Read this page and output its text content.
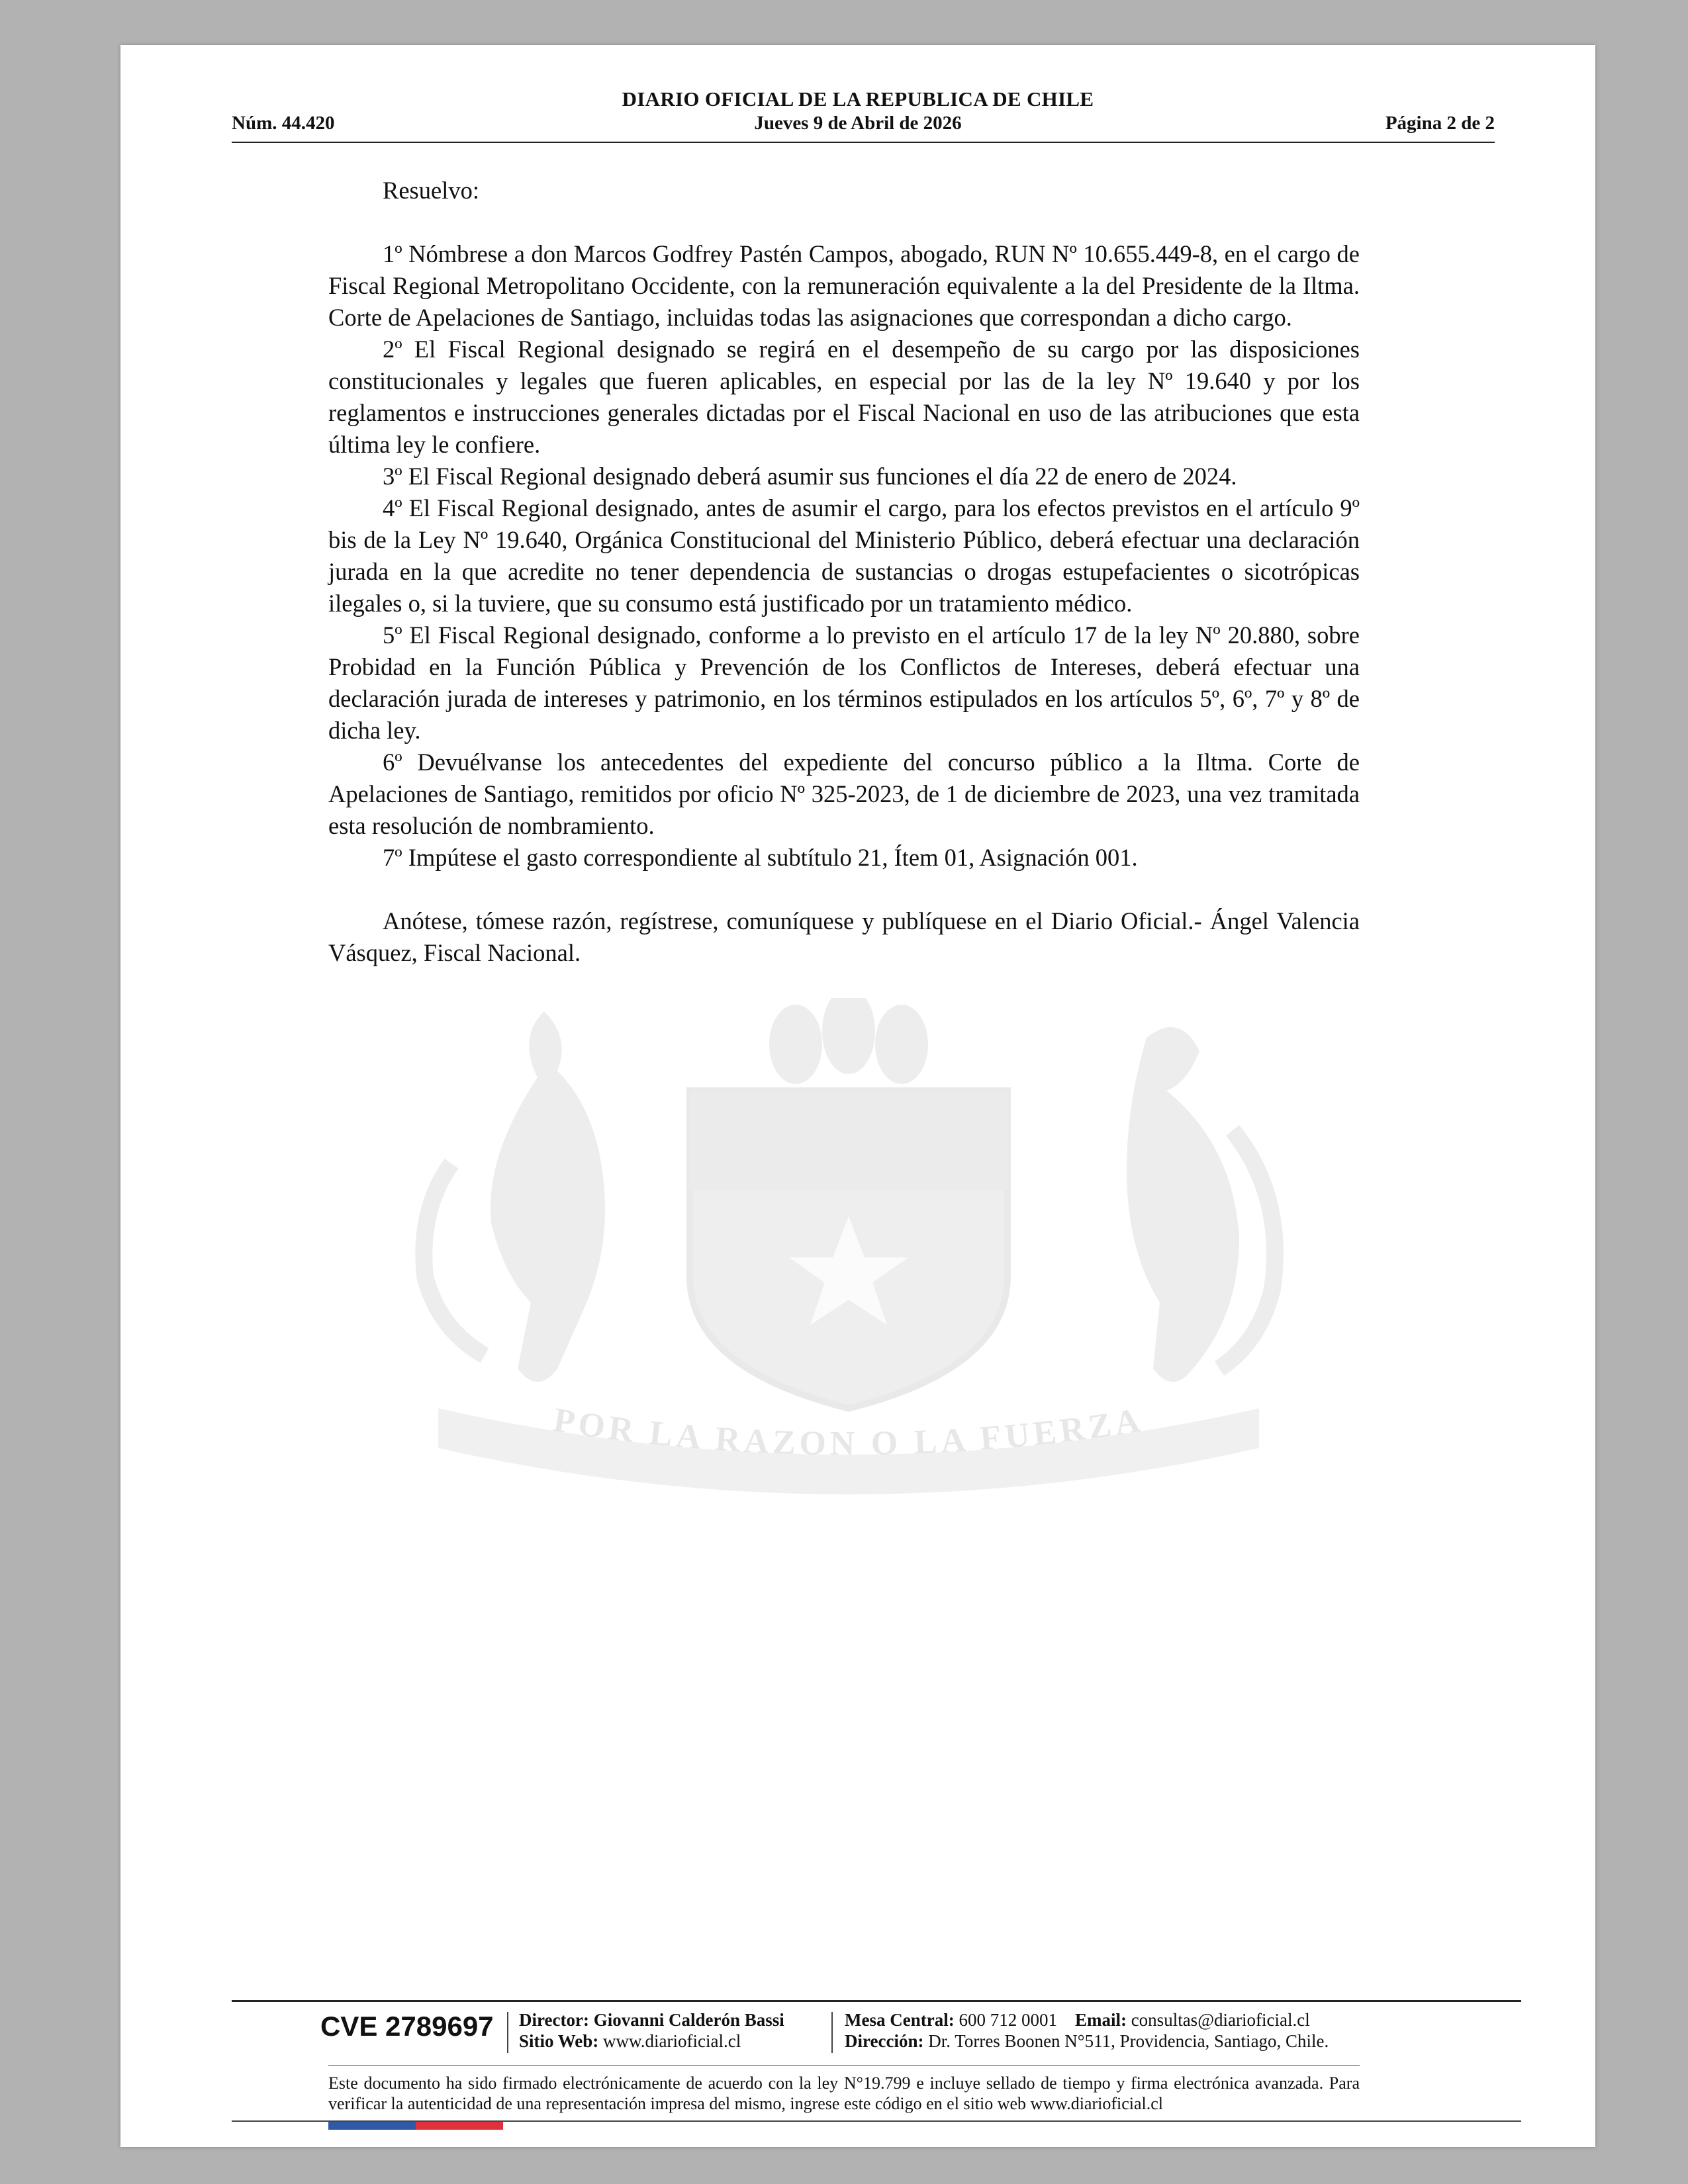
DIARIO OFICIAL DE LA REPUBLICA DE CHILE
Núm. 44.420	Jueves 9 de Abril de 2026	Página 2 de 2
POR LA RAZON O LA FUERZA

Resuelvo:

1º Nómbrese a don Marcos Godfrey Pastén Campos, abogado, RUN Nº 10.655.449-8, en el cargo de Fiscal Regional Metropolitano Occidente, con la remuneración equivalente a la del Presidente de la Iltma. Corte de Apelaciones de Santiago, incluidas todas las asignaciones que correspondan a dicho cargo.

2º El Fiscal Regional designado se regirá en el desempeño de su cargo por las disposiciones constitucionales y legales que fueren aplicables, en especial por las de la ley Nº 19.640 y por los reglamentos e instrucciones generales dictadas por el Fiscal Nacional en uso de las atribuciones que esta última ley le confiere.

3º El Fiscal Regional designado deberá asumir sus funciones el día 22 de enero de 2024.

4º El Fiscal Regional designado, antes de asumir el cargo, para los efectos previstos en el artículo 9º bis de la Ley Nº 19.640, Orgánica Constitucional del Ministerio Público, deberá efectuar una declaración jurada en la que acredite no tener dependencia de sustancias o drogas estupefacientes o sicotrópicas ilegales o, si la tuviere, que su consumo está justificado por un tratamiento médico.

5º El Fiscal Regional designado, conforme a lo previsto en el artículo 17 de la ley Nº 20.880, sobre Probidad en la Función Pública y Prevención de los Conflictos de Intereses, deberá efectuar una declaración jurada de intereses y patrimonio, en los términos estipulados en los artículos 5º, 6º, 7º y 8º de dicha ley.

6º Devuélvanse los antecedentes del expediente del concurso público a la Iltma. Corte de Apelaciones de Santiago, remitidos por oficio Nº 325-2023, de 1 de diciembre de 2023, una vez tramitada esta resolución de nombramiento.

7º Impútese el gasto correspondiente al subtítulo 21, Ítem 01, Asignación 001.

Anótese, tómese razón, regístrese, comuníquese y publíquese en el Diario Oficial.- Ángel Valencia Vásquez, Fiscal Nacional.

CVE 2789697 Director: Giovanni Calderón Bassi
Sitio Web: www.diarioficial.cl
Mesa Central: 600 712 0001 Email: consultas@diarioficial.cl
Dirección: Dr. Torres Boonen N°511, Providencia, Santiago, Chile.
Este documento ha sido firmado electrónicamente de acuerdo con la ley N°19.799 e incluye sellado de tiempo y firma electrónica avanzada. Para verificar la autenticidad de una representación impresa del mismo, ingrese este código en el sitio web www.diarioficial.cl
